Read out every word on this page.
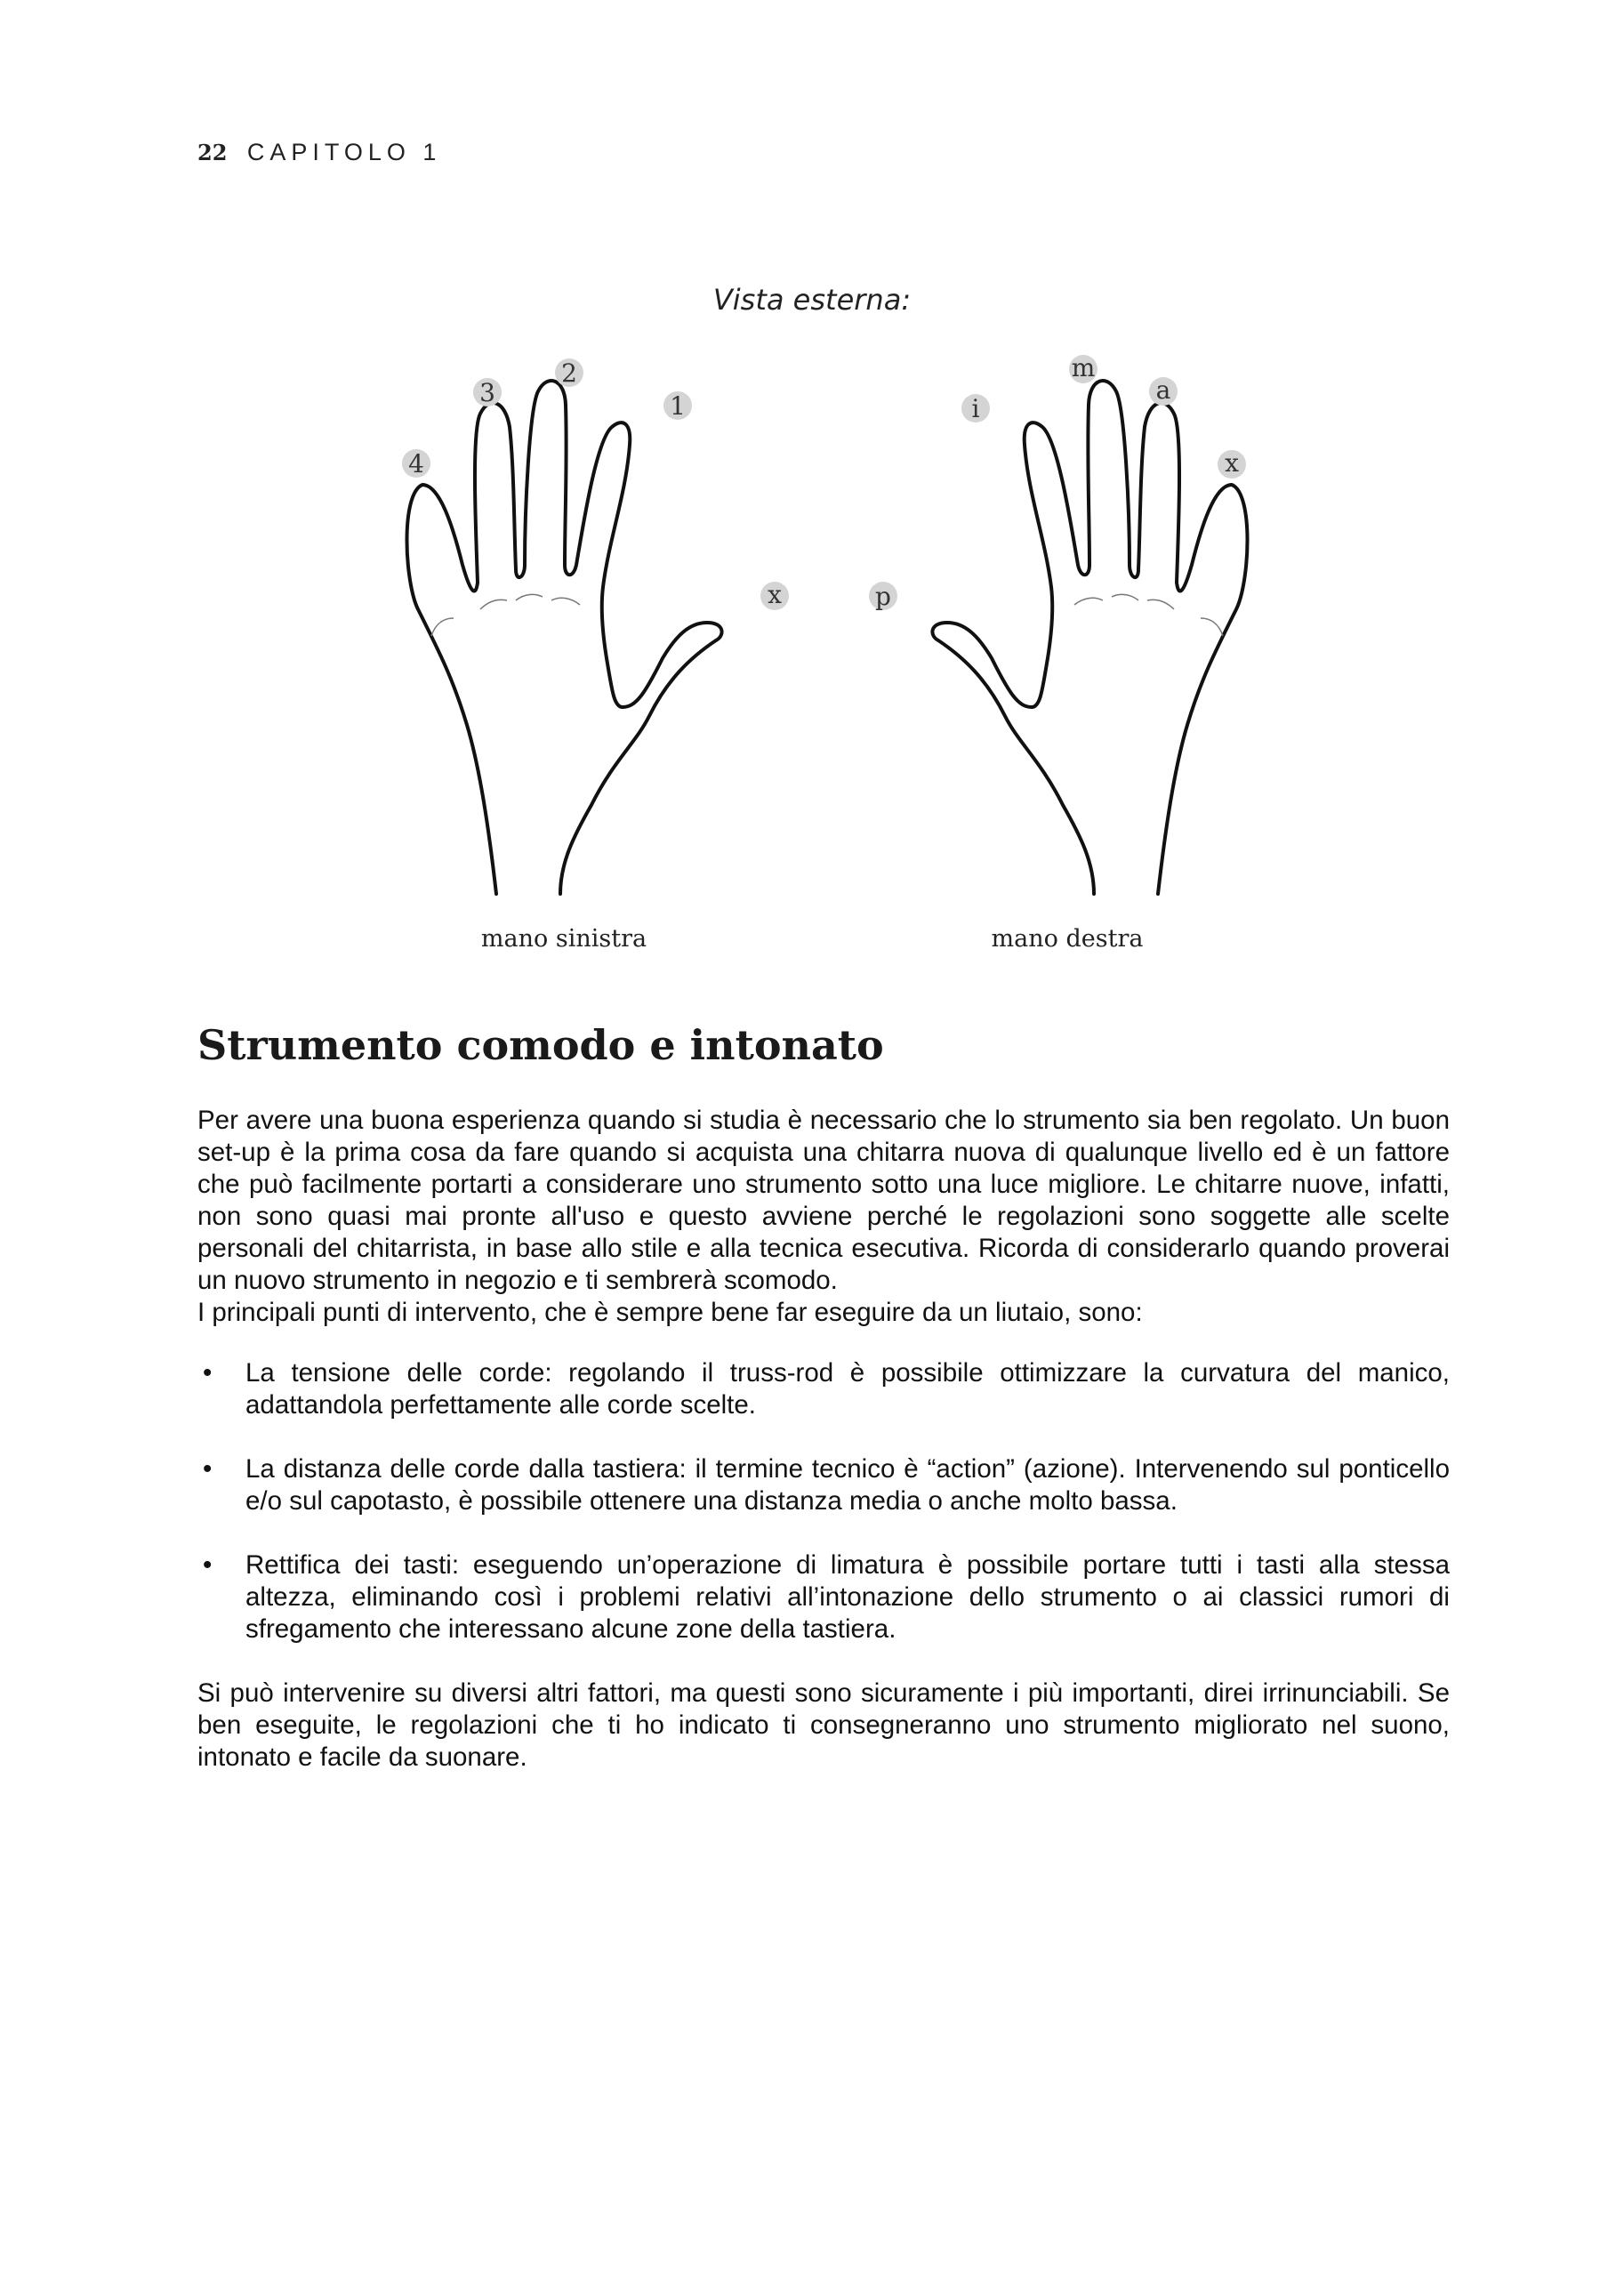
22 CAPITOLO 1
Vista esterna:
4
3
2
1
x	p
i
m
a
x
mano sinistra	mano destra
Strumento comodo e intonato

Per avere una buona esperienza quando si studia è necessario che lo strumento sia ben regolato. Un buon set-up è la prima cosa da fare quando si acquista una chitarra nuova di qualunque livello ed è un fattore che può facilmente portarti a considerare uno strumento sotto una luce migliore. Le chitarre nuove, infatti, non sono quasi mai pronte all'uso e questo avviene perché le regolazioni sono soggette alle scelte personali del chitarrista, in base allo stile e alla tecnica esecutiva. Ricorda di considerarlo quando proverai un nuovo strumento in negozio e ti sembrerà scomodo.

I principali punti di intervento, che è sempre bene far eseguire da un liutaio, sono:

• La tensione delle corde: regolando il truss-rod è possibile ottimizzare la curvatura del manico, adattandola perfettamente alle corde scelte.
• La distanza delle corde dalla tastiera: il termine tecnico è “action” (azione). Intervenendo sul ponticello e/o sul capotasto, è possibile ottenere una distanza media o anche molto bassa.
• Rettifica dei tasti: eseguendo un’operazione di limatura è possibile portare tutti i tasti alla stessa altezza, eliminando così i problemi relativi all’intonazione dello strumento o ai classici rumori di sfregamento che interessano alcune zone della tastiera.

Si può intervenire su diversi altri fattori, ma questi sono sicuramente i più importanti, direi irrinunciabili. Se ben eseguite, le regolazioni che ti ho indicato ti consegneranno uno strumento migliorato nel suono, intonato e facile da suonare.
